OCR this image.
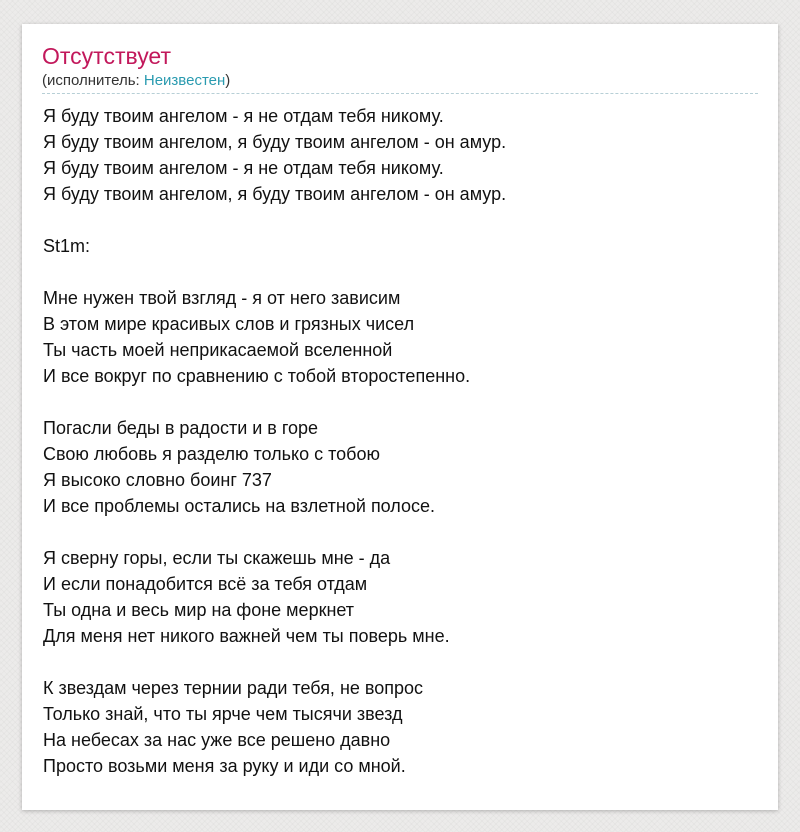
Отсутствует
(исполнитель: Неизвестен)
Я буду твоим ангелом - я не отдам тебя никому.
Я буду твоим ангелом, я буду твоим ангелом - он амур.
Я буду твоим ангелом - я не отдам тебя никому.
Я буду твоим ангелом, я буду твоим ангелом - он амур.
St1m:
Мне нужен твой взгляд - я от него зависим
В этом мире красивых слов и грязных чисел
Ты часть моей неприкасаемой вселенной
И все вокруг по сравнению с тобой второстепенно.
Погасли беды в радости и в горе
Свою любовь я разделю только с тобою
Я высоко словно боинг 737
И все проблемы остались на взлетной полосе.
Я сверну горы, если ты скажешь мне - да
И если понадобится всё за тебя отдам
Ты одна и весь мир на фоне меркнет
Для меня нет никого важней чем ты поверь мне.
К звездам через тернии ради тебя, не вопрос
Только знай, что ты ярче чем тысячи звезд
На небесах за нас уже все решено давно
Просто возьми меня за руку и иди со мной.
